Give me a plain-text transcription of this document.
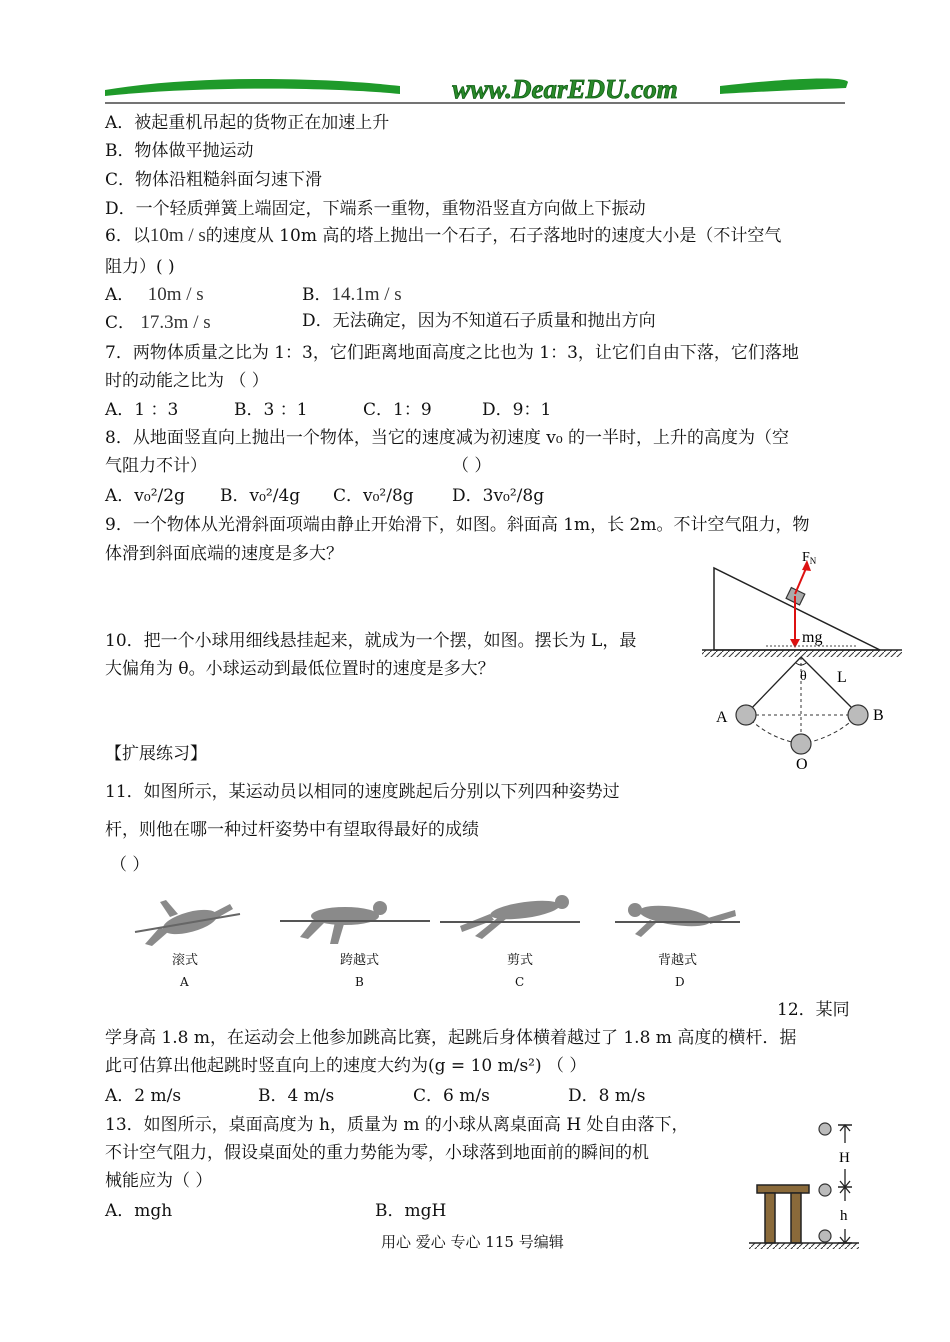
www.DearEDU.com
A．被起重机吊起的货物正在加速上升
B．物体做平抛运动
C．物体沿粗糙斜面匀速下滑
D．一个轻质弹簧上端固定，下端系一重物，重物沿竖直方向做上下振动
6．以10m / s的速度从 10m 高的塔上抛出一个石子，石子落地时的速度大小是（不计空气
阻力）( )
A． 10m / s	B．14.1m / s
C． 17.3m / s	D．无法确定，因为不知道石子质量和抛出方向
7．两物体质量之比为 1：3，它们距离地面高度之比也为 1：3，让它们自由下落，它们落地
时的动能之比为 （ ）
A．1 ：3	B．3 ：1	C．1：9	D．9：1
8．从地面竖直向上抛出一个物体，当它的速度减为初速度 v₀ 的一半时，上升的高度为（空
气阻力不计）	（ ）
A．v₀²/2g B．v₀²/4g C．v₀²/8g D．3v₀²/8g
9．一个物体从光滑斜面项端由静止开始滑下，如图。斜面高 1m，长 2m。不计空气阻力，物
体滑到斜面底端的速度是多大？	$F_N$
mg
10．把一个小球用细线悬挂起来，就成为一个摆，如图。摆长为 L，最
大偏角为 θ。小球运动到最低位置时的速度是多大？	θ L
A	B
O
【扩展练习】
11．如图所示，某运动员以相同的速度跳起后分别以下列四种姿势过
杆，则他在哪一种过杆姿势中有望取得最好的成绩
（ ）
滚式	跨越式	剪式	背越式
A	B	C	D
12．某同
学身高 1.8 m，在运动会上他参加跳高比赛，起跳后身体横着越过了 1.8 m 高度的横杆．据
此可估算出他起跳时竖直向上的速度大约为(g = 10 m/s²) （ ）
A．2 m/s	B．4 m/s	C．6 m/s	D．8 m/s
13．如图所示，桌面高度为 h，质量为 m 的小球从离桌面高 H 处自由落下，
不计空气阻力，假设桌面处的重力势能为零，小球落到地面前的瞬间的机
械能应为（ ）
A．mgh	B．mgH
H
h
用心 爱心 专心 115 号编辑
